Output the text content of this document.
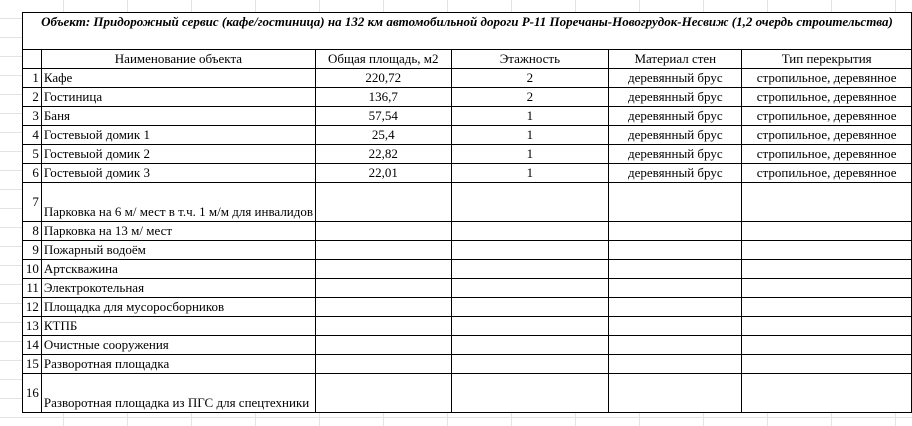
Объект: Придорожный сервис (кафе/гостиница) на 132 км автомобильной дороги Р-11 Поречаны-Новогрудок-Несвиж (1,2 очердь строительства)					
	Наименование объекта	Общая площадь, м2	Этажность	Материал стен	Тип перекрытия
1	Кафе	220,72	2	деревянный брус	стропильное, деревянное
2	Гостиница	136,7	2	деревянный брус	стропильное, деревянное
3	Баня	57,54	1	деревянный брус	стропильное, деревянное
4	Гостевыой домик 1	25,4	1	деревянный брус	стропильное, деревянное
5	Гостевыой домик 2	22,82	1	деревянный брус	стропильное, деревянное
6	Гостевыой домик 3	22,01	1	деревянный брус	стропильное, деревянное
7	Парковка на 6 м/ мест в т.ч. 1 м/м для инвалидов				
8	Парковка на 13 м/ мест				
9	Пожарный водоём				
10	Артскважина				
11	Электрокотельная				
12	Площадка для мусоросборников				
13	КТПБ				
14	Очистные сооружения				
15	Разворотная площадка				
16	Разворотная площадка из ПГС для спецтехники				
